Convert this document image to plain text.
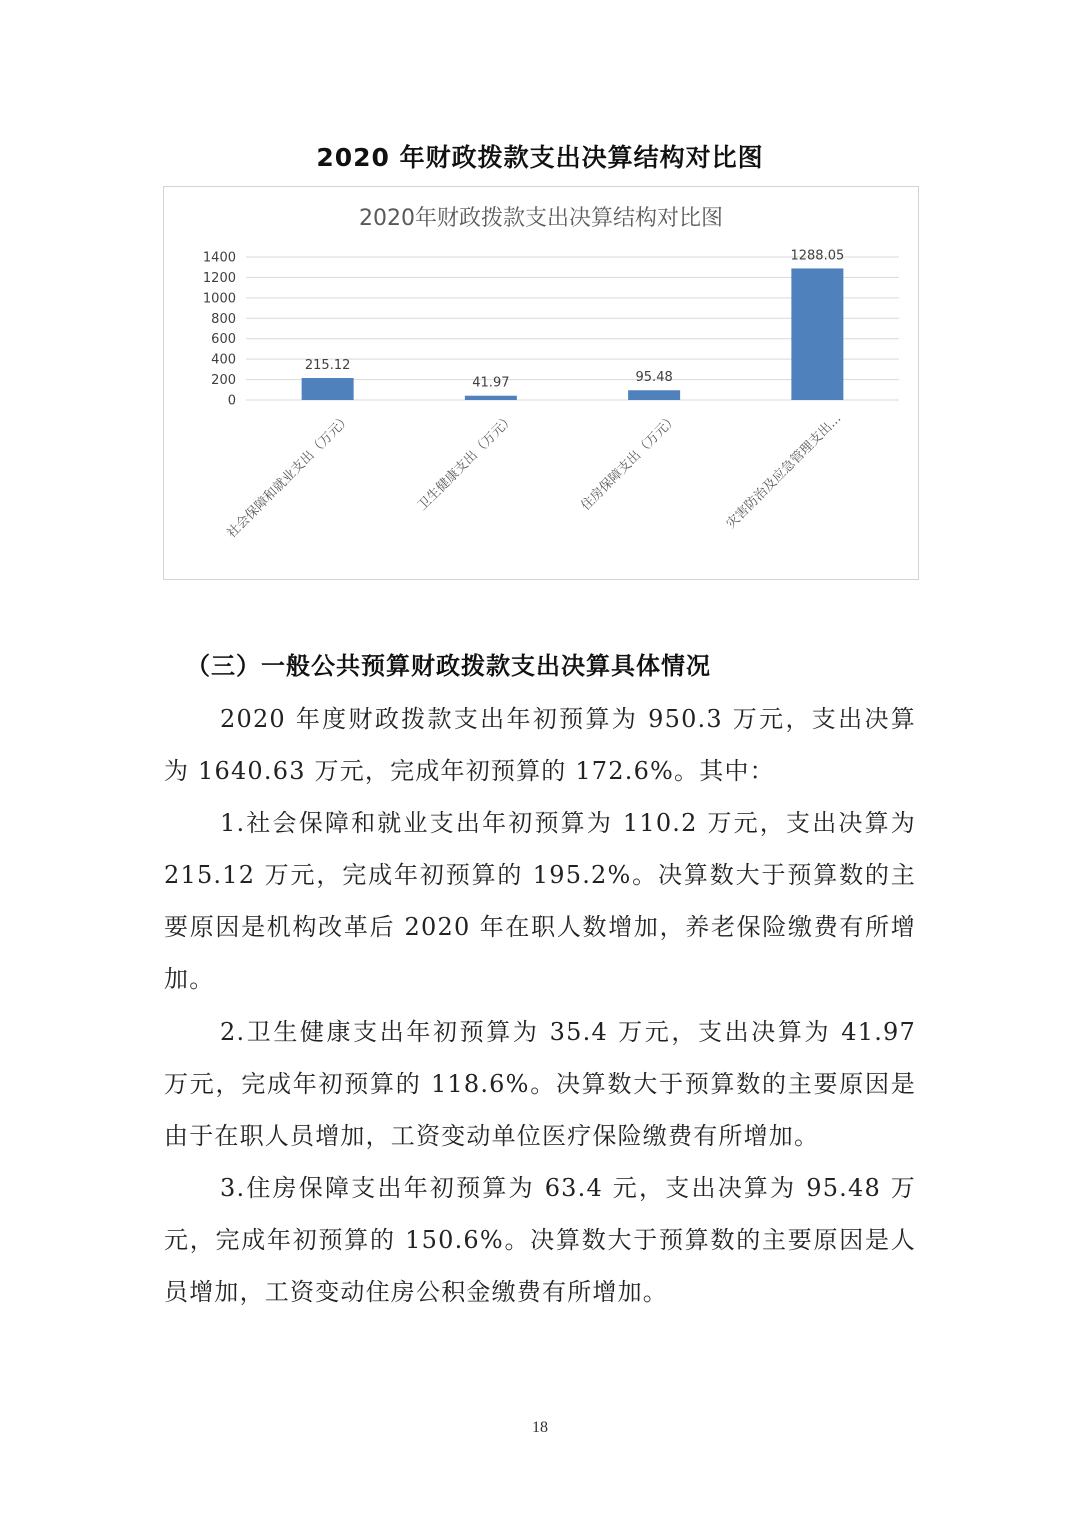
2020 年财政拨款支出决算结构对比图
2020年财政拨款支出决算结构对比图
0
200
400
600
800
1000
1200
1400
215.12
41.97	95.48
1288.05
社会保障和就业支出（万元）	卫生健康支出（万元）	住房保障支出（万元）	灾害防治及应急管理支出...
（三）一般公共预算财政拨款支出决算具体情况

2020 年度财政拨款支出年初预算为 950.3 万元，支出决算为 1640.63 万元，完成年初预算的 172.6%。其中：

1.社会保障和就业支出年初预算为 110.2 万元，支出决算为 215.12 万元，完成年初预算的 195.2%。决算数大于预算数的主要原因是机构改革后 2020 年在职人数增加，养老保险缴费有所增加。

2.卫生健康支出年初预算为 35.4 万元，支出决算为 41.97 万元，完成年初预算的 118.6%。决算数大于预算数的主要原因是由于在职人员增加，工资变动单位医疗保险缴费有所增加。

3.住房保障支出年初预算为 63.4 元，支出决算为 95.48 万元，完成年初预算的 150.6%。决算数大于预算数的主要原因是人员增加，工资变动住房公积金缴费有所增加。

18
